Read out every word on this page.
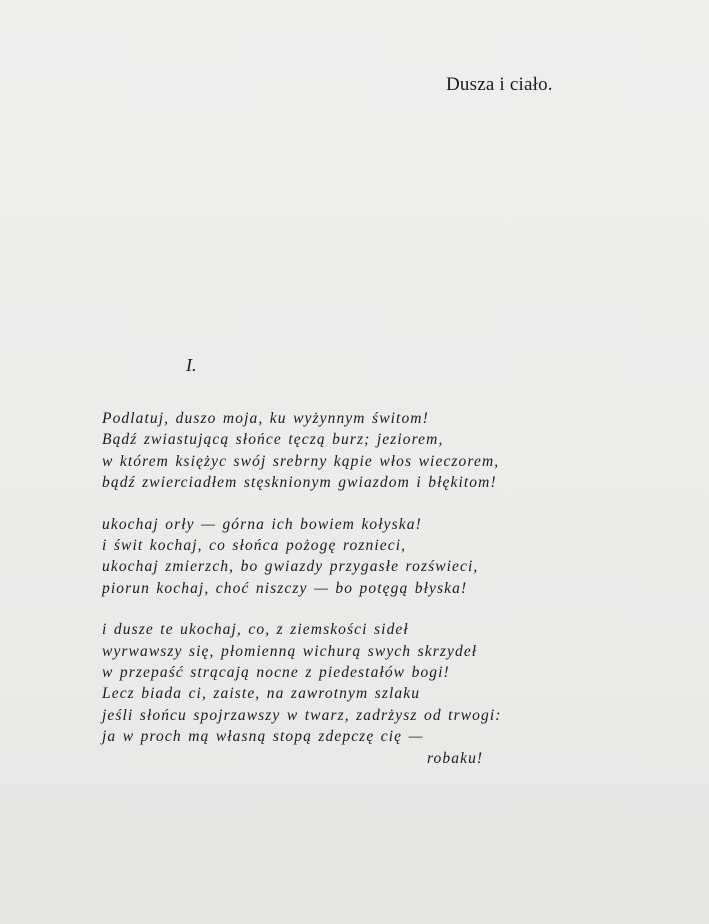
Dusza i ciało.
I.
Podlatuj, duszo moja, ku wyżynnym świtom!
Bądź zwiastującą słońce tęczą burz; jeziorem,
w którem księżyc swój srebrny kąpie włos wieczorem,
bądź zwierciadłem stęsknionym gwiazdom i błękitom!
ukochaj orły — górna ich bowiem kołyska!
i świt kochaj, co słońca pożogę roznieci,
ukochaj zmierzch, bo gwiazdy przygasłe rozświeci,
piorun kochaj, choć niszczy — bo potęgą błyska!
i dusze te ukochaj, co, z ziemskości sideł
wyrwawszy się, płomienną wichurą swych skrzydeł
w przepaść strącają nocne z piedestałów bogi!
Lecz biada ci, zaiste, na zawrotnym szlaku
jeśli słońcu spojrzawszy w twarz, zadrżysz od trwogi:
ja w proch mą własną stopą zdepczę cię —
robaku!
